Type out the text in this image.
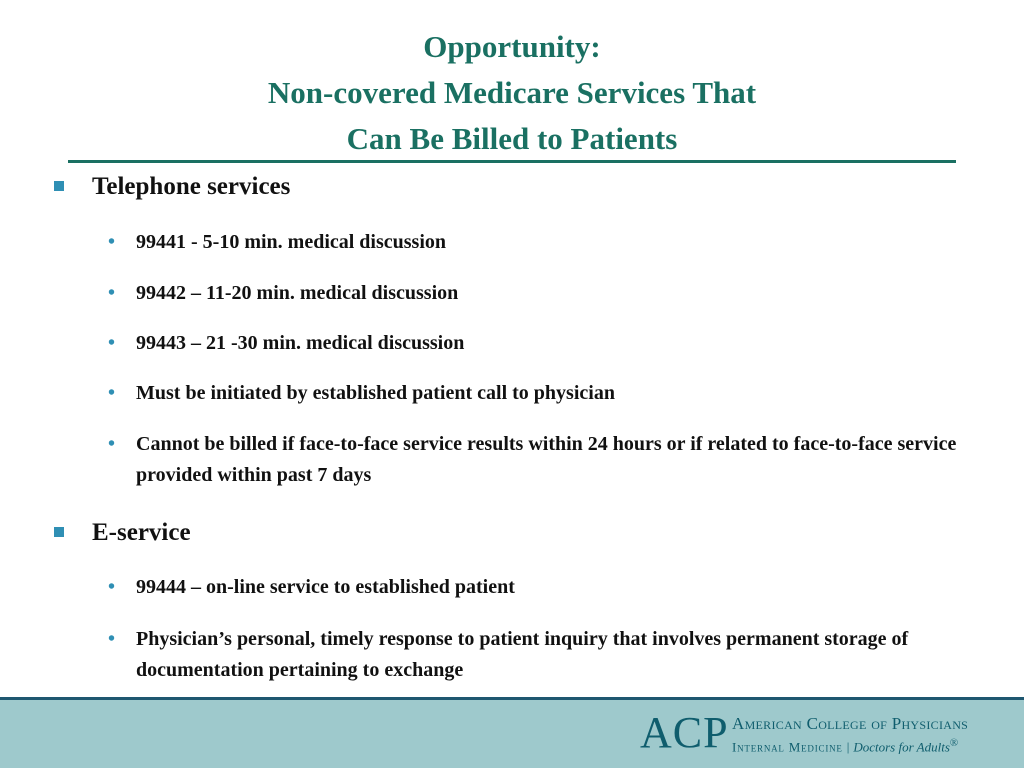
Opportunity:
Non-covered Medicare Services That
Can Be Billed to Patients
Telephone services
• 99441 - 5-10 min. medical discussion
• 99442 – 11-20 min. medical discussion
• 99443 – 21 -30 min. medical discussion
• Must be initiated by established patient call to physician
• Cannot be billed if face-to-face service results within 24 hours or if related to face-to-face service provided within past 7 days
E-service
• 99444 – on-line service to established patient
• Physician’s personal, timely response to patient inquiry that involves permanent storage of documentation pertaining to exchange
ACP American College of Physicians
Internal Medicine | Doctors for Adults®
